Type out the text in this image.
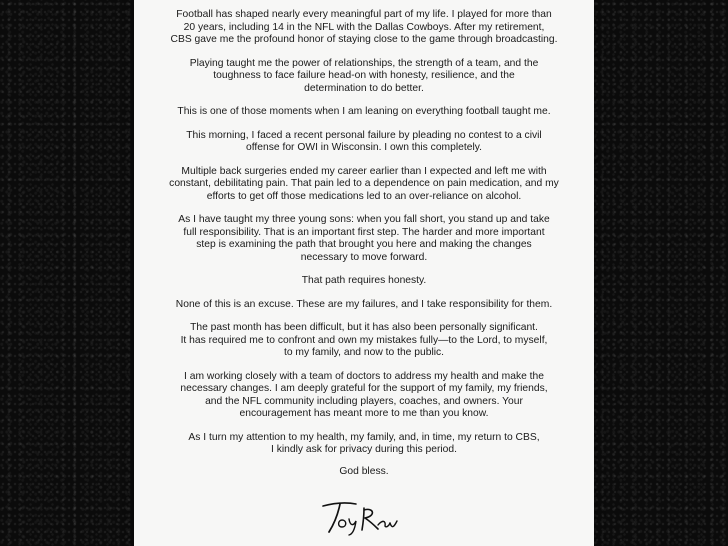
Football has shaped nearly every meaningful part of my life. I played for more than
20 years, including 14 in the NFL with the Dallas Cowboys. After my retirement,
CBS gave me the profound honor of staying close to the game through broadcasting.

Playing taught me the power of relationships, the strength of a team, and the
toughness to face failure head-on with honesty, resilience, and the
determination to do better.

This is one of those moments when I am leaning on everything football taught me.

This morning, I faced a recent personal failure by pleading no contest to a civil
offense for OWI in Wisconsin. I own this completely.

Multiple back surgeries ended my career earlier than I expected and left me with
constant, debilitating pain. That pain led to a dependence on pain medication, and my
efforts to get off those medications led to an over-reliance on alcohol.

As I have taught my three young sons: when you fall short, you stand up and take
full responsibility. That is an important first step. The harder and more important
step is examining the path that brought you here and making the changes
necessary to move forward.

That path requires honesty.

None of this is an excuse. These are my failures, and I take responsibility for them.

The past month has been difficult, but it has also been personally significant.
It has required me to confront and own my mistakes fully—to the Lord, to myself,
to my family, and now to the public.

I am working closely with a team of doctors to address my health and make the
necessary changes. I am deeply grateful for the support of my family, my friends,
and the NFL community including players, coaches, and owners. Your
encouragement has meant more to me than you know.

As I turn my attention to my health, my family, and, in time, my return to CBS,
I kindly ask for privacy during this period.

God bless.
